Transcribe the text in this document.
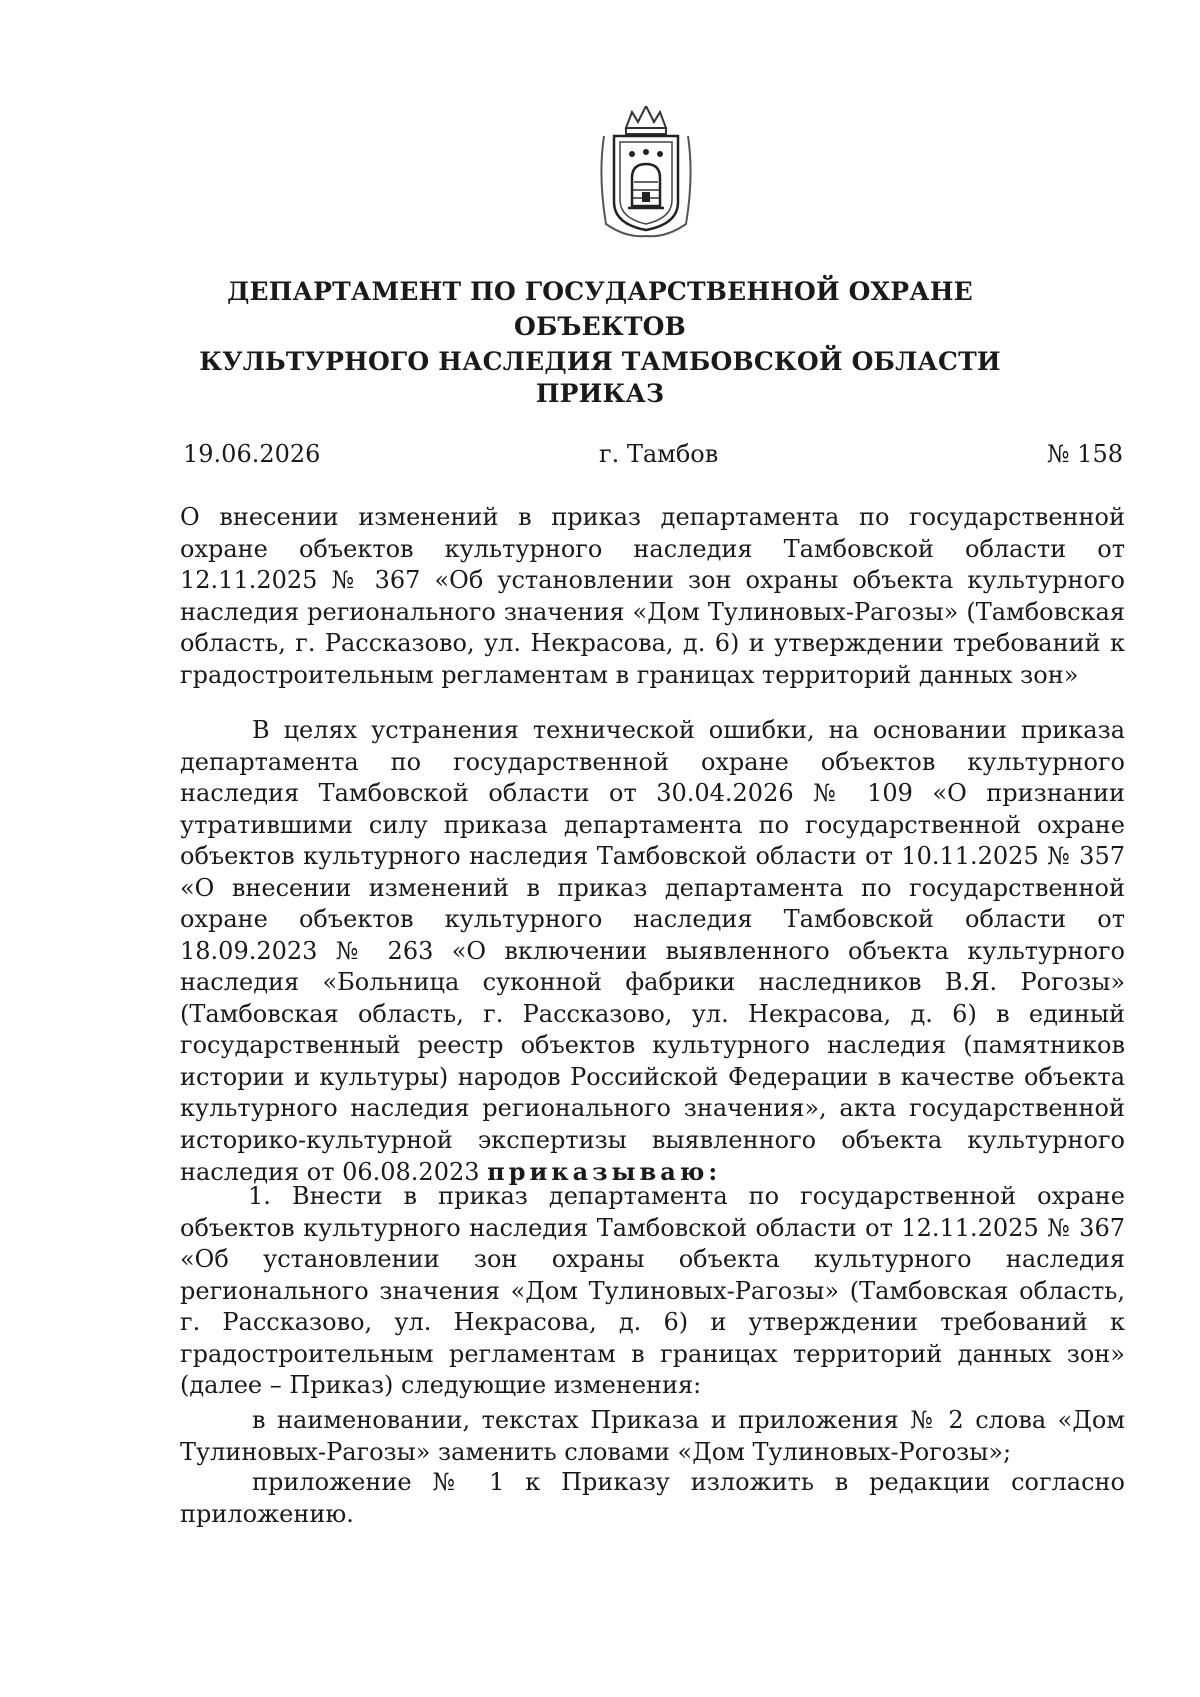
ДЕПАРТАМЕНТ ПО ГОСУДАРСТВЕННОЙ ОХРАНЕ ОБЪЕКТОВ
КУЛЬТУРНОГО НАСЛЕДИЯ ТАМБОВСКОЙ ОБЛАСТИ
ПРИКАЗ
19.06.2026	г. Тамбов	№ 158
О внесении изменений в приказ департамента по государственной охране объектов культурного наследия Тамбовской области от 12.11.2025 № 367 «Об установлении зон охраны объекта культурного наследия регионального значения «Дом Тулиновых-Рагозы» (Тамбовская область, г. Рассказово, ул. Некрасова, д. 6) и утверждении требований к градостроительным регламентам в границах территорий данных зон»
В целях устранения технической ошибки, на основании приказа департамента по государственной охране объектов культурного наследия Тамбовской области от 30.04.2026 № 109 «О признании утратившими силу приказа департамента по государственной охране объектов культурного наследия Тамбовской области от 10.11.2025 № 357 «О внесении изменений в приказ департамента по государственной охране объектов культурного наследия Тамбовской области от 18.09.2023 № 263 «О включении выявленного объекта культурного наследия «Больница суконной фабрики наследников В.Я. Рогозы» (Тамбовская область, г. Рассказово, ул. Некрасова, д. 6) в единый государственный реестр объектов культурного наследия (памятников истории и культуры) народов Российской Федерации в качестве объекта культурного наследия регионального значения», акта государственной историко-культурной экспертизы выявленного объекта культурного наследия от 06.08.2023 приказываю:
1. Внести в приказ департамента по государственной охране объектов культурного наследия Тамбовской области от 12.11.2025 № 367 «Об установлении зон охраны объекта культурного наследия регионального значения «Дом Тулиновых-Рагозы» (Тамбовская область, г. Рассказово, ул. Некрасова, д. 6) и утверждении требований к градостроительным регламентам в границах территорий данных зон» (далее – Приказ) следующие изменения:
в наименовании, текстах Приказа и приложения № 2 слова «Дом Тулиновых-Рагозы» заменить словами «Дом Тулиновых-Рогозы»;
приложение № 1 к Приказу изложить в редакции согласно приложению.
